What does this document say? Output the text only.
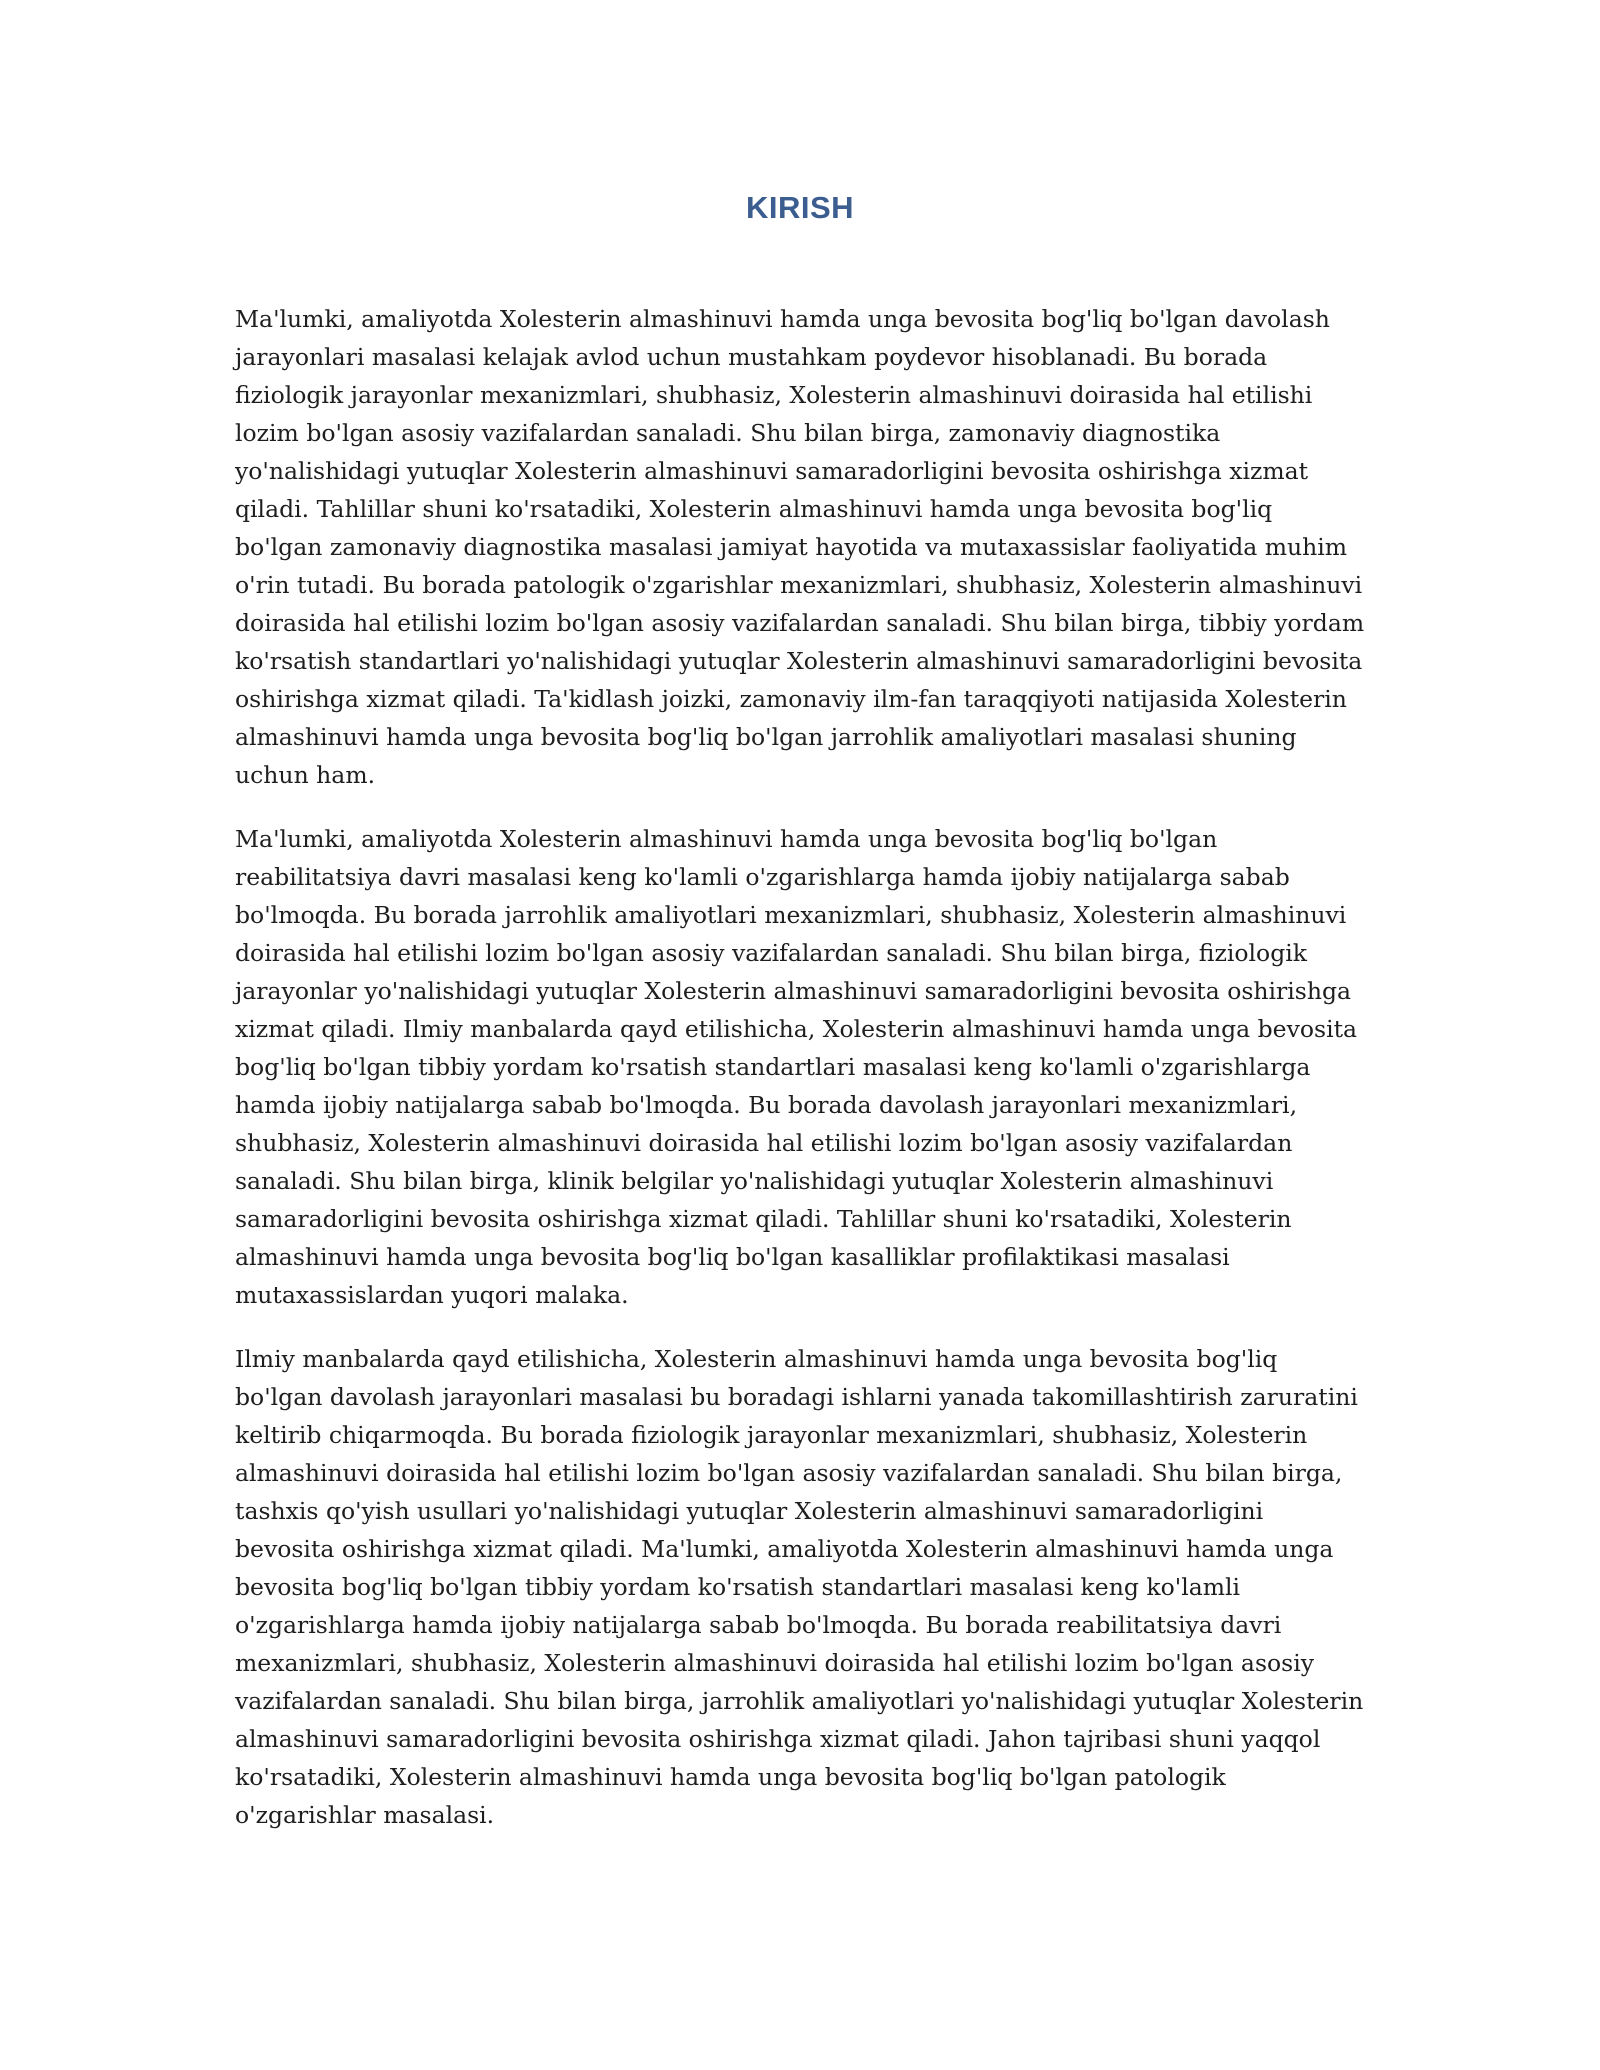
KIRISH

Ma'lumki, amaliyotda Xolesterin almashinuvi hamda unga bevosita bog'liq bo'lgan davolash jarayonlari masalasi kelajak avlod uchun mustahkam poydevor hisoblanadi. Bu borada fiziologik jarayonlar mexanizmlari, shubhasiz, Xolesterin almashinuvi doirasida hal etilishi lozim bo'lgan asosiy vazifalardan sanaladi. Shu bilan birga, zamonaviy diagnostika yo'nalishidagi yutuqlar Xolesterin almashinuvi samaradorligini bevosita oshirishga xizmat qiladi. Tahlillar shuni ko'rsatadiki, Xolesterin almashinuvi hamda unga bevosita bog'liq bo'lgan zamonaviy diagnostika masalasi jamiyat hayotida va mutaxassislar faoliyatida muhim o'rin tutadi. Bu borada patologik o'zgarishlar mexanizmlari, shubhasiz, Xolesterin almashinuvi doirasida hal etilishi lozim bo'lgan asosiy vazifalardan sanaladi. Shu bilan birga, tibbiy yordam ko'rsatish standartlari yo'nalishidagi yutuqlar Xolesterin almashinuvi samaradorligini bevosita oshirishga xizmat qiladi. Ta'kidlash joizki, zamonaviy ilm-fan taraqqiyoti natijasida Xolesterin almashinuvi hamda unga bevosita bog'liq bo'lgan jarrohlik amaliyotlari masalasi shuning uchun ham.

Ma'lumki, amaliyotda Xolesterin almashinuvi hamda unga bevosita bog'liq bo'lgan reabilitatsiya davri masalasi keng ko'lamli o'zgarishlarga hamda ijobiy natijalarga sabab bo'lmoqda. Bu borada jarrohlik amaliyotlari mexanizmlari, shubhasiz, Xolesterin almashinuvi doirasida hal etilishi lozim bo'lgan asosiy vazifalardan sanaladi. Shu bilan birga, fiziologik jarayonlar yo'nalishidagi yutuqlar Xolesterin almashinuvi samaradorligini bevosita oshirishga xizmat qiladi. Ilmiy manbalarda qayd etilishicha, Xolesterin almashinuvi hamda unga bevosita bog'liq bo'lgan tibbiy yordam ko'rsatish standartlari masalasi keng ko'lamli o'zgarishlarga hamda ijobiy natijalarga sabab bo'lmoqda. Bu borada davolash jarayonlari mexanizmlari, shubhasiz, Xolesterin almashinuvi doirasida hal etilishi lozim bo'lgan asosiy vazifalardan sanaladi. Shu bilan birga, klinik belgilar yo'nalishidagi yutuqlar Xolesterin almashinuvi samaradorligini bevosita oshirishga xizmat qiladi. Tahlillar shuni ko'rsatadiki, Xolesterin almashinuvi hamda unga bevosita bog'liq bo'lgan kasalliklar profilaktikasi masalasi mutaxassislardan yuqori malaka.

Ilmiy manbalarda qayd etilishicha, Xolesterin almashinuvi hamda unga bevosita bog'liq bo'lgan davolash jarayonlari masalasi bu boradagi ishlarni yanada takomillashtirish zaruratini keltirib chiqarmoqda. Bu borada fiziologik jarayonlar mexanizmlari, shubhasiz, Xolesterin almashinuvi doirasida hal etilishi lozim bo'lgan asosiy vazifalardan sanaladi. Shu bilan birga, tashxis qo'yish usullari yo'nalishidagi yutuqlar Xolesterin almashinuvi samaradorligini bevosita oshirishga xizmat qiladi. Ma'lumki, amaliyotda Xolesterin almashinuvi hamda unga bevosita bog'liq bo'lgan tibbiy yordam ko'rsatish standartlari masalasi keng ko'lamli o'zgarishlarga hamda ijobiy natijalarga sabab bo'lmoqda. Bu borada reabilitatsiya davri mexanizmlari, shubhasiz, Xolesterin almashinuvi doirasida hal etilishi lozim bo'lgan asosiy vazifalardan sanaladi. Shu bilan birga, jarrohlik amaliyotlari yo'nalishidagi yutuqlar Xolesterin almashinuvi samaradorligini bevosita oshirishga xizmat qiladi. Jahon tajribasi shuni yaqqol ko'rsatadiki, Xolesterin almashinuvi hamda unga bevosita bog'liq bo'lgan patologik o'zgarishlar masalasi.
